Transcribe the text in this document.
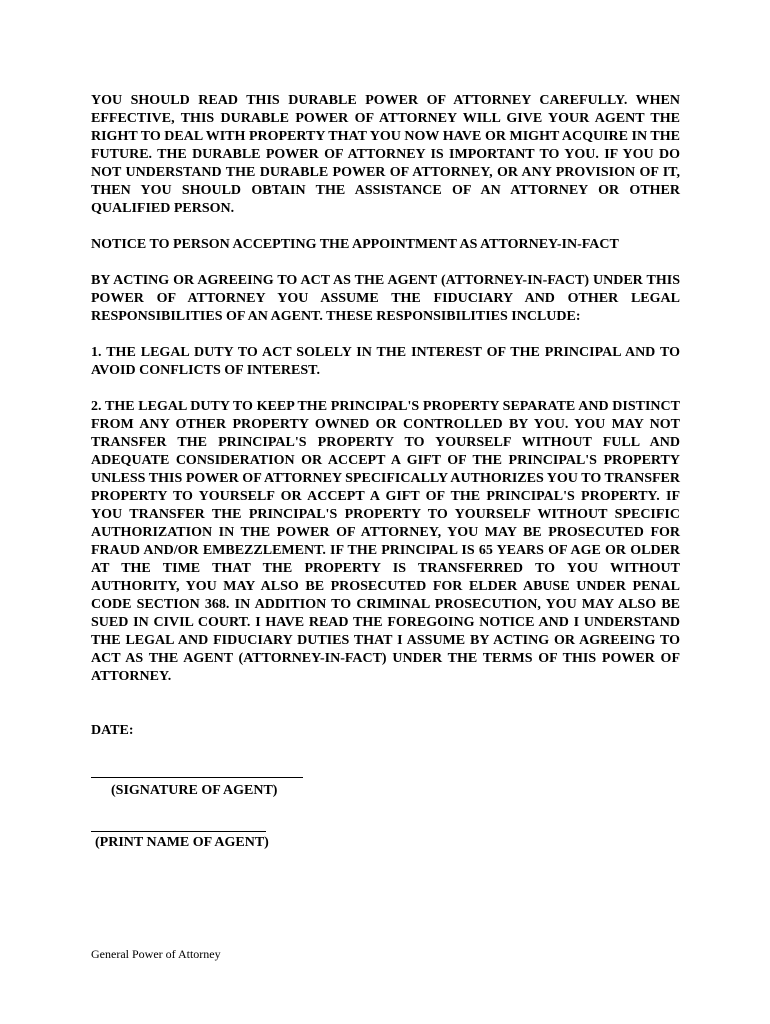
YOU SHOULD READ THIS DURABLE POWER OF ATTORNEY CAREFULLY. WHEN EFFECTIVE, THIS DURABLE POWER OF ATTORNEY WILL GIVE YOUR AGENT THE RIGHT TO DEAL WITH PROPERTY THAT YOU NOW HAVE OR MIGHT ACQUIRE IN THE FUTURE. THE DURABLE POWER OF ATTORNEY IS IMPORTANT TO YOU. IF YOU DO NOT UNDERSTAND THE DURABLE POWER OF ATTORNEY, OR ANY PROVISION OF IT, THEN YOU SHOULD OBTAIN THE ASSISTANCE OF AN ATTORNEY OR OTHER QUALIFIED PERSON.

NOTICE TO PERSON ACCEPTING THE APPOINTMENT AS ATTORNEY-IN-FACT

BY ACTING OR AGREEING TO ACT AS THE AGENT (ATTORNEY-IN-FACT) UNDER THIS POWER OF ATTORNEY YOU ASSUME THE FIDUCIARY AND OTHER LEGAL RESPONSIBILITIES OF AN AGENT. THESE RESPONSIBILITIES INCLUDE:

1. THE LEGAL DUTY TO ACT SOLELY IN THE INTEREST OF THE PRINCIPAL AND TO AVOID CONFLICTS OF INTEREST.

2. THE LEGAL DUTY TO KEEP THE PRINCIPAL'S PROPERTY SEPARATE AND DISTINCT FROM ANY OTHER PROPERTY OWNED OR CONTROLLED BY YOU. YOU MAY NOT TRANSFER THE PRINCIPAL'S PROPERTY TO YOURSELF WITHOUT FULL AND ADEQUATE CONSIDERATION OR ACCEPT A GIFT OF THE PRINCIPAL'S PROPERTY UNLESS THIS POWER OF ATTORNEY SPECIFICALLY AUTHORIZES YOU TO TRANSFER PROPERTY TO YOURSELF OR ACCEPT A GIFT OF THE PRINCIPAL'S PROPERTY. IF YOU TRANSFER THE PRINCIPAL'S PROPERTY TO YOURSELF WITHOUT SPECIFIC AUTHORIZATION IN THE POWER OF ATTORNEY, YOU MAY BE PROSECUTED FOR FRAUD AND/OR EMBEZZLEMENT. IF THE PRINCIPAL IS 65 YEARS OF AGE OR OLDER AT THE TIME THAT THE PROPERTY IS TRANSFERRED TO YOU WITHOUT AUTHORITY, YOU MAY ALSO BE PROSECUTED FOR ELDER ABUSE UNDER PENAL CODE SECTION 368. IN ADDITION TO CRIMINAL PROSECUTION, YOU MAY ALSO BE SUED IN CIVIL COURT. I HAVE READ THE FOREGOING NOTICE AND I UNDERSTAND THE LEGAL AND FIDUCIARY DUTIES THAT I ASSUME BY ACTING OR AGREEING TO ACT AS THE AGENT (ATTORNEY-IN-FACT) UNDER THE TERMS OF THIS POWER OF ATTORNEY.

DATE:

(SIGNATURE OF AGENT)

(PRINT NAME OF AGENT)

General Power of Attorney
